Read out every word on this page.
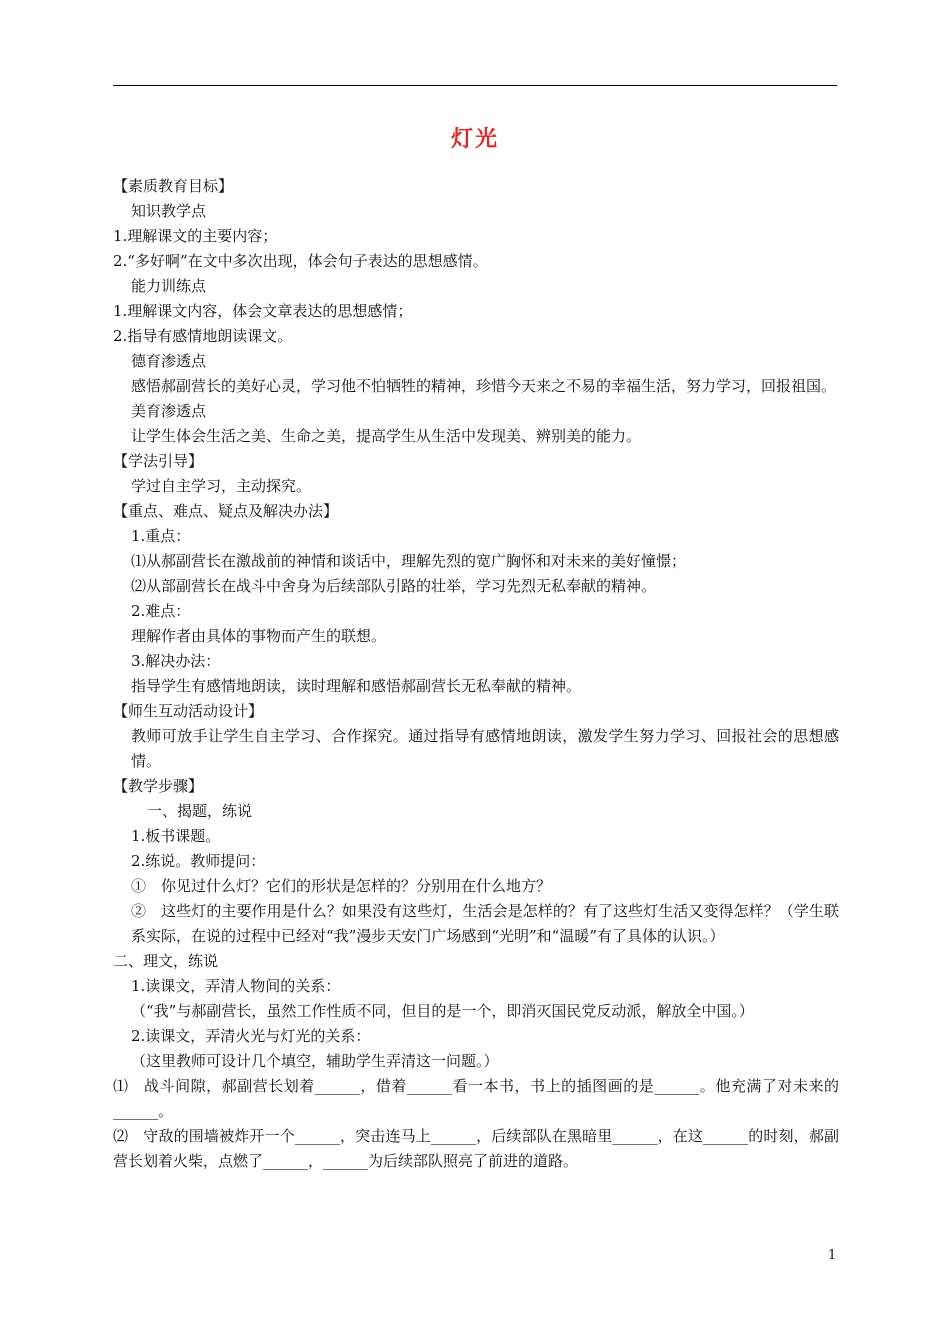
灯光
【素质教育目标】
知识教学点
1.理解课文的主要内容；
2.“多好啊”在文中多次出现，体会句子表达的思想感情。
能力训练点
1.理解课文内容，体会文章表达的思想感情；
2.指导有感情地朗读课文。
德育渗透点
感悟郝副营长的美好心灵，学习他不怕牺牲的精神，珍惜今天来之不易的幸福生活，努力学习，回报祖国。
美育渗透点
让学生体会生活之美、生命之美，提高学生从生活中发现美、辨别美的能力。
【学法引导】
学过自主学习，主动探究。
【重点、难点、疑点及解决办法】
1.重点：
⑴从郝副营长在激战前的神情和谈话中，理解先烈的宽广胸怀和对未来的美好憧憬；
⑵从部副营长在战斗中舍身为后续部队引路的壮举，学习先烈无私奉献的精神。
2.难点：
理解作者由具体的事物而产生的联想。
3.解决办法：
指导学生有感情地朗读，读时理解和感悟郝副营长无私奉献的精神。
【师生互动活动设计】
教师可放手让学生自主学习、合作探究。通过指导有感情地朗读，激发学生努力学习、回报社会的思想感情。
【教学步骤】
一、揭题，练说
1.板书课题。
2.练说。教师提问：
①　你见过什么灯？它们的形状是怎样的？分别用在什么地方？
②　这些灯的主要作用是什么？如果没有这些灯，生活会是怎样的？有了这些灯生活又变得怎样？（学生联系实际，在说的过程中已经对“我”漫步天安门广场感到“光明”和“温暖”有了具体的认识。）
二、理文，练说
1.读课文，弄清人物间的关系：
（“我”与郝副营长，虽然工作性质不同，但目的是一个，即消灭国民党反动派，解放全中国。）
2.读课文，弄清火光与灯光的关系：
（这里教师可设计几个填空，辅助学生弄清这一问题。）
⑴　战斗间隙，郝副营长划着______，借着______看一本书，书上的插图画的是______。他充满了对未来的______。
⑵　守敌的围墙被炸开一个______，突击连马上______，后续部队在黑暗里______，在这______的时刻，郝副营长划着火柴，点燃了______，______为后续部队照亮了前进的道路。
1
